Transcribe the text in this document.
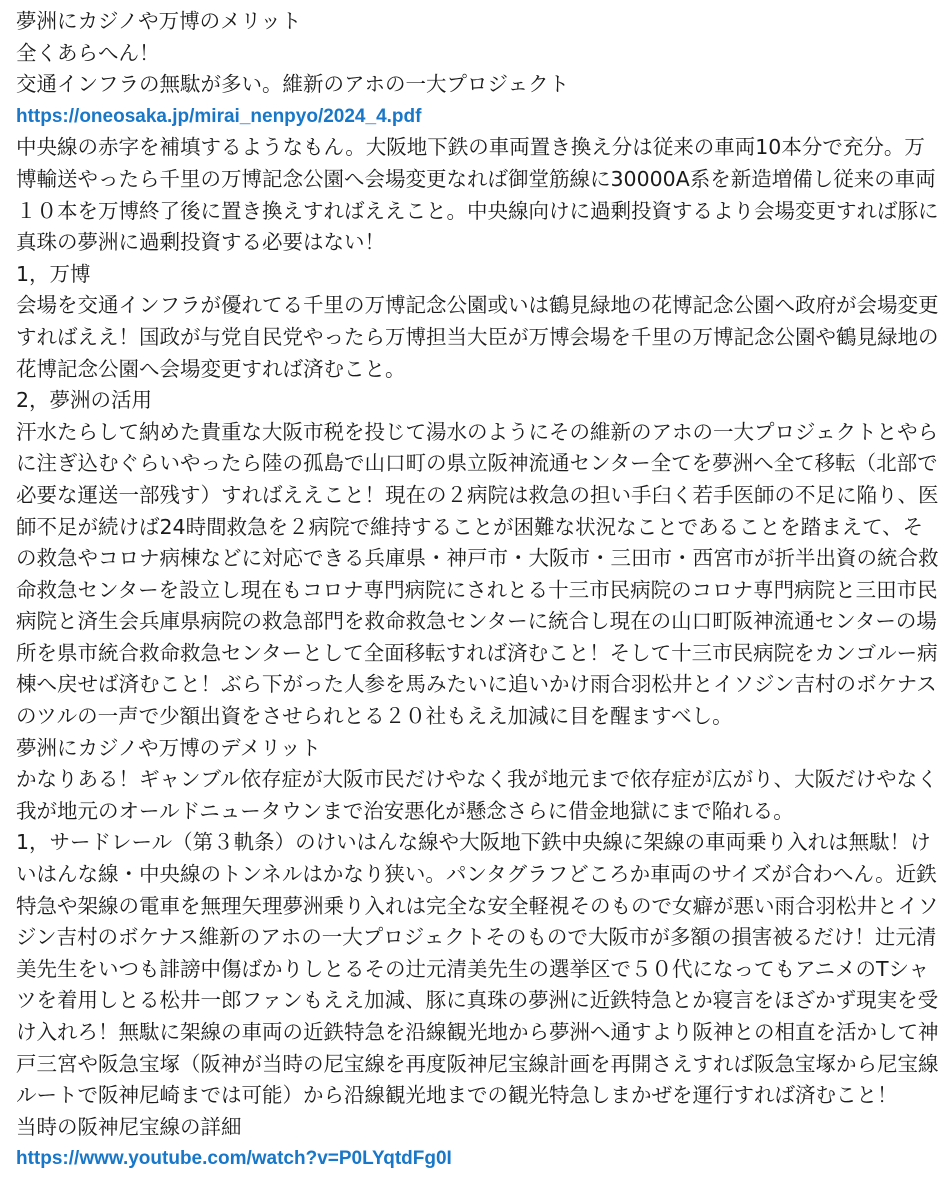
夢洲にカジノや万博のメリット

全くあらへん！

交通インフラの無駄が多い。維新のアホの一大プロジェクト

https://oneosaka.jp/mirai_nenpyo/2024_4.pdf

中央線の赤字を補填するようなもん。大阪地下鉄の車両置き換え分は従来の車両10本分で充分。万博輸送やったら千里の万博記念公園へ会場変更なれば御堂筋線に30000A系を新造増備し従来の車両１０本を万博終了後に置き換えすればええこと。中央線向けに過剰投資するより会場変更すれば豚に真珠の夢洲に過剰投資する必要はない！

1，万博

会場を交通インフラが優れてる千里の万博記念公園或いは鶴見緑地の花博記念公園へ政府が会場変更すればええ！国政が与党自民党やったら万博担当大臣が万博会場を千里の万博記念公園や鶴見緑地の花博記念公園へ会場変更すれば済むこと。

2，夢洲の活用

汗水たらして納めた貴重な大阪市税を投じて湯水のようにその維新のアホの一大プロジェクトとやらに注ぎ込むぐらいやったら陸の孤島で山口町の県立阪神流通センター全てを夢洲へ全て移転（北部で必要な運送一部残す）すればええこと！現在の２病院は救急の担い手臼く若手医師の不足に陥り、医師不足が続けば24時間救急を２病院で維持することが困難な状況なことであることを踏まえて、その救急やコロナ病棟などに対応できる兵庫県・神戸市・大阪市・三田市・西宮市が折半出資の統合救命救急センターを設立し現在もコロナ専門病院にされとる十三市民病院のコロナ専門病院と三田市民病院と済生会兵庫県病院の救急部門を救命救急センターに統合し現在の山口町阪神流通センターの場所を県市統合救命救急センターとして全面移転すれば済むこと！そして十三市民病院をカンゴルー病棟へ戻せば済むこと！ぶら下がった人参を馬みたいに追いかけ雨合羽松井とイソジン吉村のボケナスのツルの一声で少額出資をさせられとる２０社もええ加減に目を醒ますべし。

夢洲にカジノや万博のデメリット

かなりある！ギャンブル依存症が大阪市民だけやなく我が地元まで依存症が広がり、大阪だけやなく我が地元のオールドニュータウンまで治安悪化が懸念さらに借金地獄にまで陥れる。

1，サードレール（第３軌条）のけいはんな線や大阪地下鉄中央線に架線の車両乗り入れは無駄！けいはんな線・中央線のトンネルはかなり狭い。パンタグラフどころか車両のサイズが合わへん。近鉄特急や架線の電車を無理矢理夢洲乗り入れは完全な安全軽視そのもので女癖が悪い雨合羽松井とイソジン吉村のボケナス維新のアホの一大プロジェクトそのもので大阪市が多額の損害被るだけ！辻元清美先生をいつも誹謗中傷ばかりしとるその辻元清美先生の選挙区で５０代になってもアニメのTシャツを着用しとる松井一郎ファンもええ加減、豚に真珠の夢洲に近鉄特急とか寝言をほざかず現実を受け入れろ！無駄に架線の車両の近鉄特急を沿線観光地から夢洲へ通すより阪神との相直を活かして神戸三宮や阪急宝塚（阪神が当時の尼宝線を再度阪神尼宝線計画を再開さえすれば阪急宝塚から尼宝線ルートで阪神尼崎までは可能）から沿線観光地までの観光特急しまかぜを運行すれば済むこと！

当時の阪神尼宝線の詳細

https://www.youtube.com/watch?v=P0LYqtdFg0I
